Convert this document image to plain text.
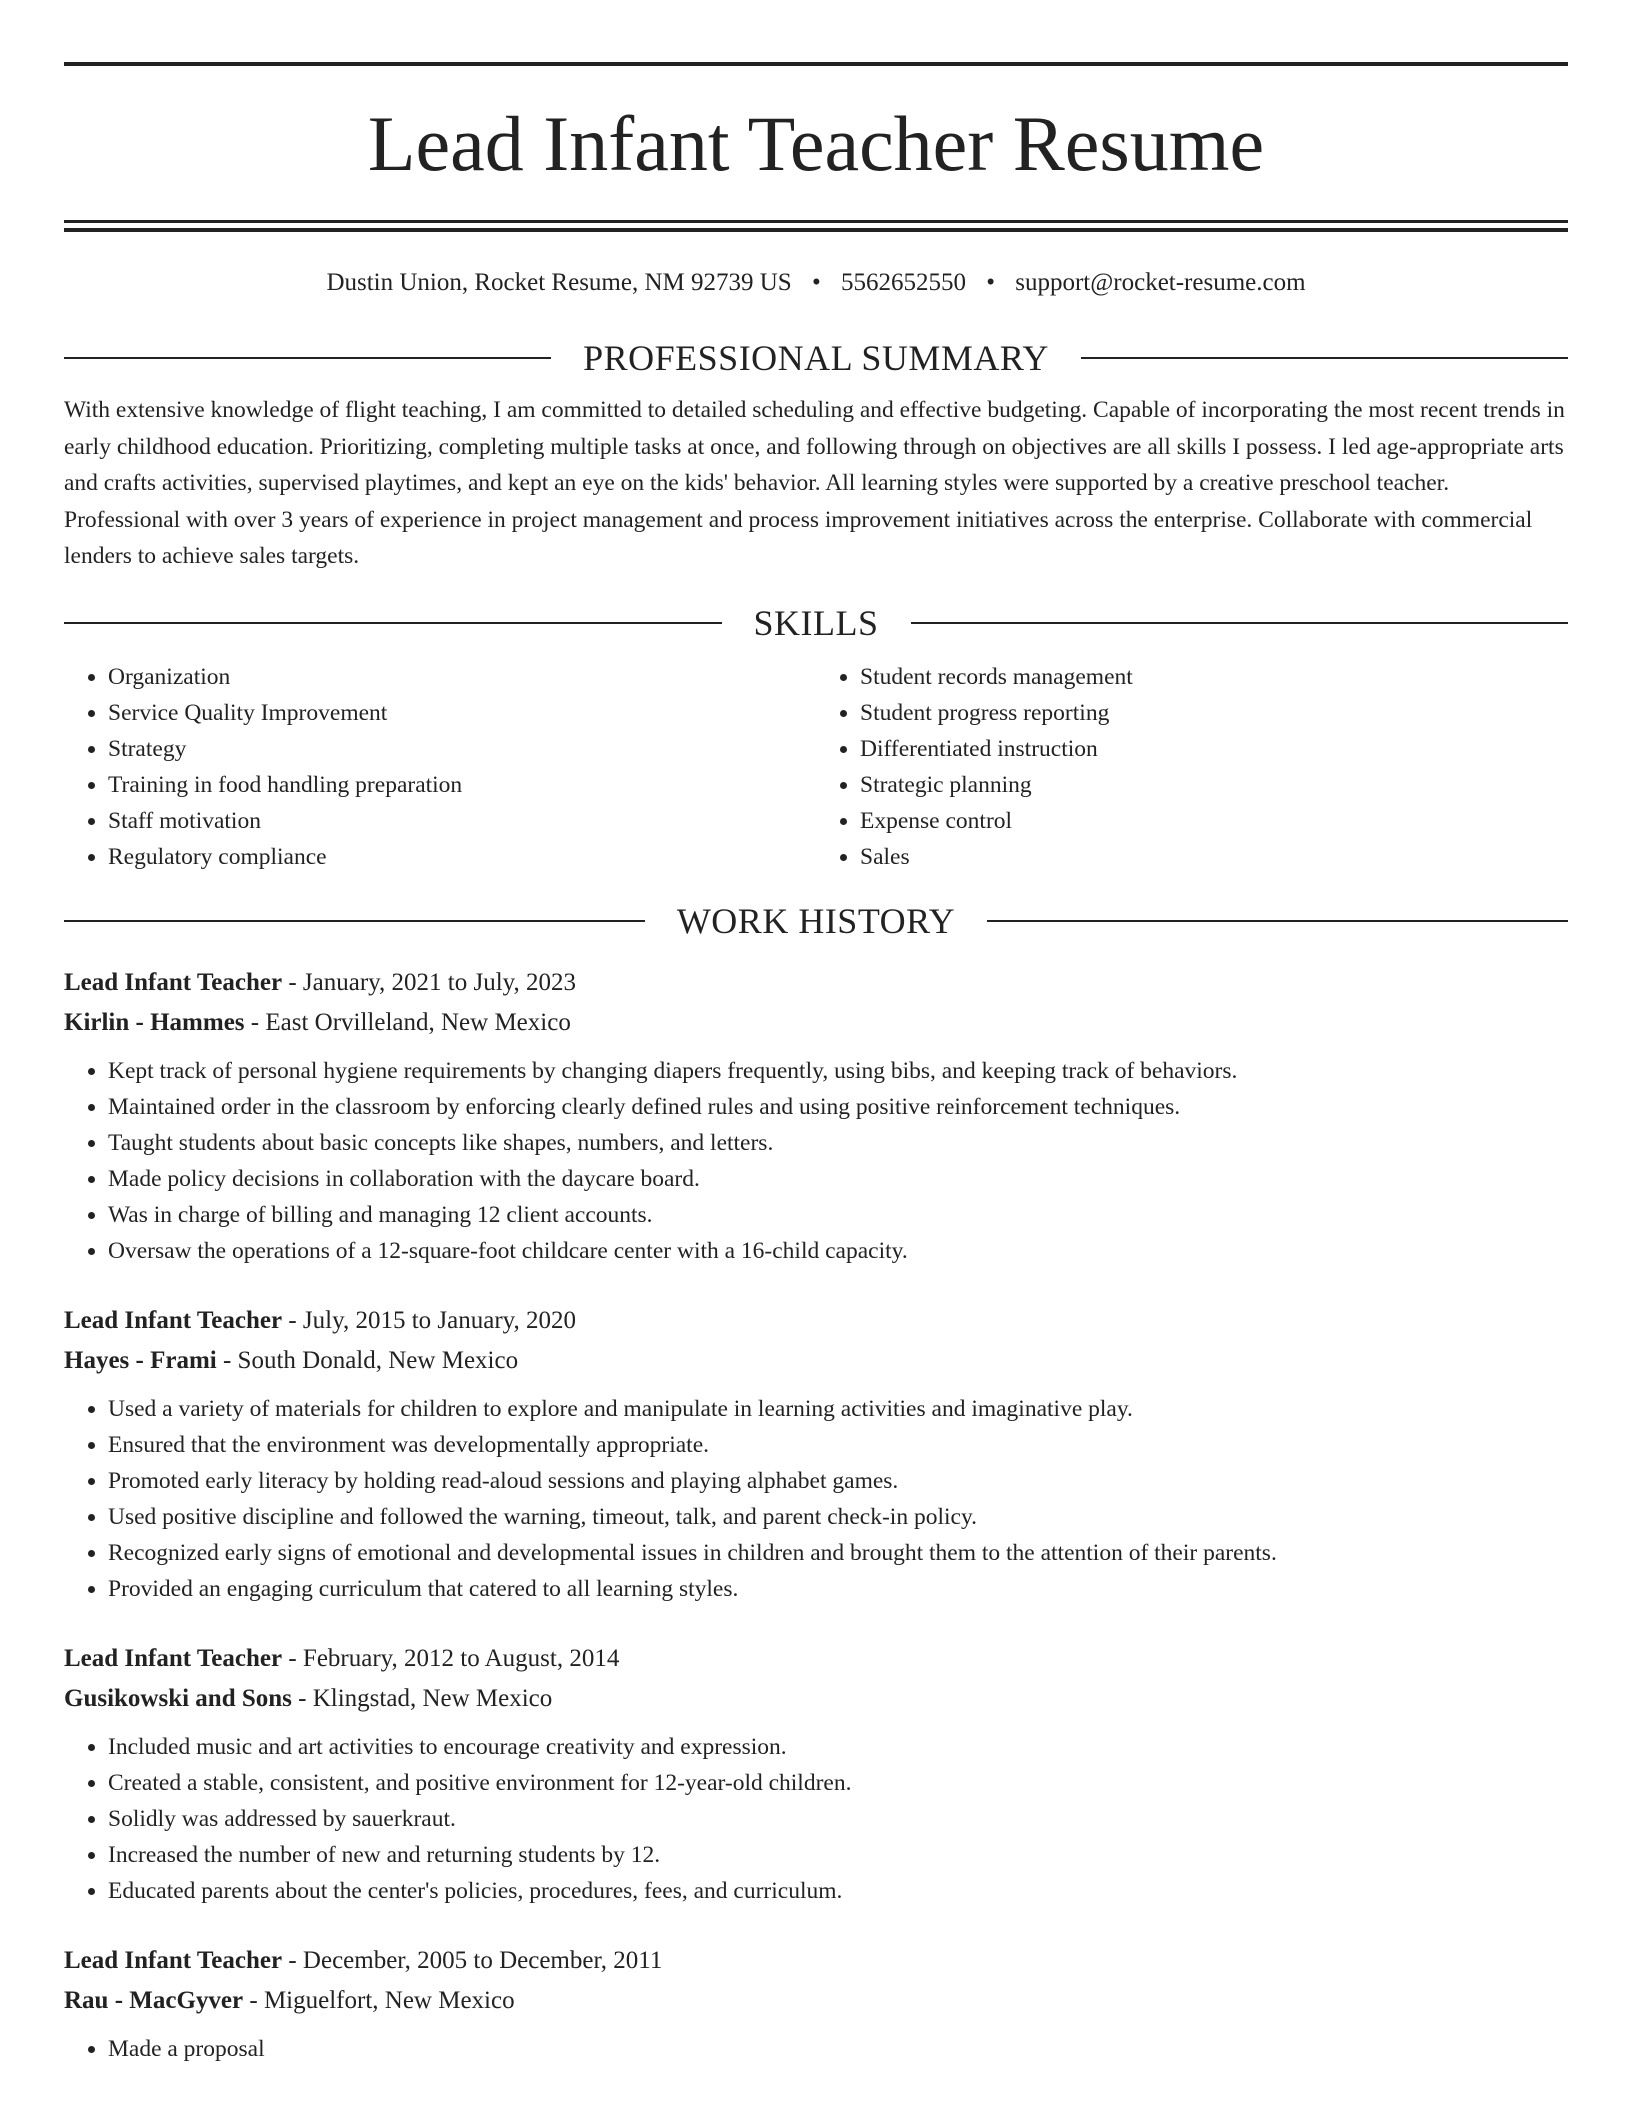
Lead Infant Teacher Resume
Dustin Union, Rocket Resume, NM 92739 US • 5562652550 • support@rocket-resume.com
PROFESSIONAL SUMMARY

With extensive knowledge of flight teaching, I am committed to detailed scheduling and effective budgeting. Capable of incorporating the most recent trends in early childhood education. Prioritizing, completing multiple tasks at once, and following through on objectives are all skills I possess. I led age-appropriate arts and crafts activities, supervised playtimes, and kept an eye on the kids' behavior. All learning styles were supported by a creative preschool teacher. Professional with over 3 years of experience in project management and process improvement initiatives across the enterprise. Collaborate with commercial lenders to achieve sales targets.

SKILLS
• Organization
• Service Quality Improvement
• Strategy
• Training in food handling preparation
• Staff motivation
• Regulatory compliance
• Student records management
• Student progress reporting
• Differentiated instruction
• Strategic planning
• Expense control
• Sales
WORK HISTORY
Lead Infant Teacher - January, 2021 to July, 2023
Kirlin - Hammes - East Orvilleland, New Mexico
• Kept track of personal hygiene requirements by changing diapers frequently, using bibs, and keeping track of behaviors.
• Maintained order in the classroom by enforcing clearly defined rules and using positive reinforcement techniques.
• Taught students about basic concepts like shapes, numbers, and letters.
• Made policy decisions in collaboration with the daycare board.
• Was in charge of billing and managing 12 client accounts.
• Oversaw the operations of a 12-square-foot childcare center with a 16-child capacity.
Lead Infant Teacher - July, 2015 to January, 2020
Hayes - Frami - South Donald, New Mexico
• Used a variety of materials for children to explore and manipulate in learning activities and imaginative play.
• Ensured that the environment was developmentally appropriate.
• Promoted early literacy by holding read-aloud sessions and playing alphabet games.
• Used positive discipline and followed the warning, timeout, talk, and parent check-in policy.
• Recognized early signs of emotional and developmental issues in children and brought them to the attention of their parents.
• Provided an engaging curriculum that catered to all learning styles.
Lead Infant Teacher - February, 2012 to August, 2014
Gusikowski and Sons - Klingstad, New Mexico
• Included music and art activities to encourage creativity and expression.
• Created a stable, consistent, and positive environment for 12-year-old children.
• Solidly was addressed by sauerkraut.
• Increased the number of new and returning students by 12.
• Educated parents about the center's policies, procedures, fees, and curriculum.
Lead Infant Teacher - December, 2005 to December, 2011
Rau - MacGyver - Miguelfort, New Mexico
• Made a proposal
